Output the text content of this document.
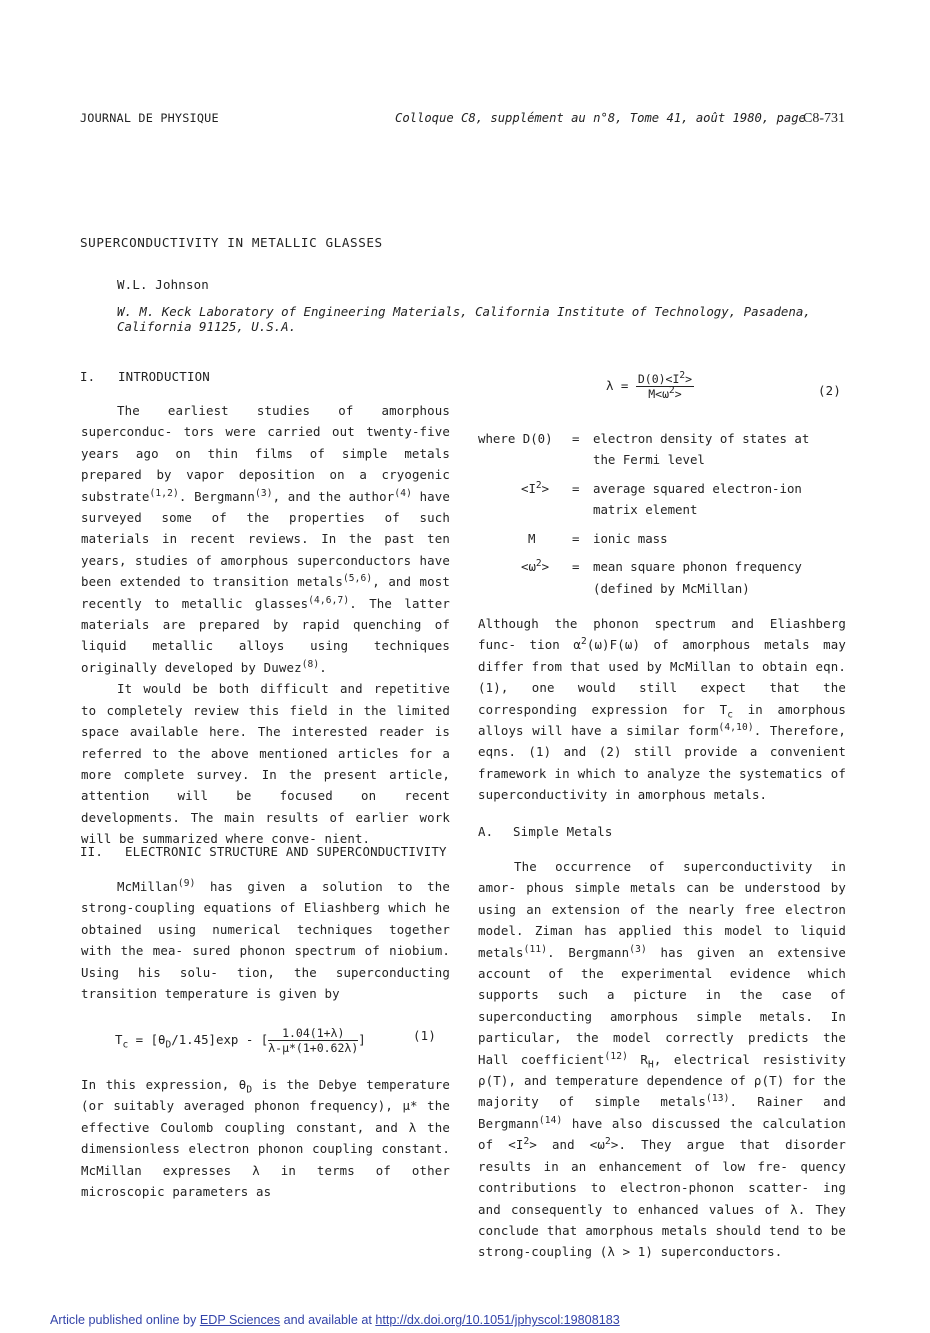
JOURNAL DE PHYSIQUE	Colloque C8, supplément au n°8, Tome 41, août 1980, page
C8-731
SUPERCONDUCTIVITY IN METALLIC GLASSES
W.L. Johnson
W. M. Keck Laboratory of Engineering Materials, California Institute of Technology, Pasadena,
California 91125, U.S.A.
I. INTRODUCTION

The earliest studies of amorphous superconduc- tors were carried out twenty-five years ago on thin films of simple metals prepared by vapor deposition on a cryogenic substrate$^{(1,2)}$. Bergmann$^{(3)}$, and the author$^{(4)}$ have surveyed some of the properties of such materials in recent reviews. In the past ten years, studies of amorphous superconductors have been extended to transition metals$^{(5,6)}$, and most recently to metallic glasses$^{(4,6,7)}$. The latter materials are prepared by rapid quenching of liquid metallic alloys using techniques originally developed by Duwez$^{(8)}$.

It would be both difficult and repetitive to completely review this field in the limited space available here. The interested reader is referred to the above mentioned articles for a more complete survey. In the present article, attention will be focused on recent developments. The main results of earlier work will be summarized where conve- nient.

II. ELECTRONIC STRUCTURE AND SUPERCONDUCTIVITY

McMillan$^{(9)}$ has given a solution to the strong-coupling equations of Eliashberg which he obtained using numerical techniques together with the mea- sured phonon spectrum of niobium. Using his solu- tion, the superconducting transition temperature is given by

$T_c = [\theta_D/1.45]\exp$ - [ $\frac{1.04(1+\lambda)}{\lambda-\mu*(1+0.62\lambda)}$ ]	(1)

In this expression, $\theta_D$ is the Debye temperature (or suitably averaged phonon frequency), μ* the effective Coulomb coupling constant, and λ the dimensionless electron phonon coupling constant. McMillan expresses λ in terms of other microscopic parameters as

$\lambda = \frac{D(0)<I^2>}{M<\omega^2>}$	(2)
where D(0) = electron density of states at
the Fermi level
$<I^2>$ = average squared electron-ion
matrix element
M	= ionic mass
$<\omega^2>$ = mean square phonon frequency
(defined by McMillan)

Although the phonon spectrum and Eliashberg func- tion $\alpha^2(\omega)F(\omega)$ of amorphous metals may differ from that used by McMillan to obtain eqn. (1), one would still expect that the corresponding expression for $T_c$ in amorphous alloys will have a similar form$^{(4,10)}$. Therefore, eqns. (1) and (2) still provide a convenient framework in which to analyze the systematics of superconductivity in amorphous metals.

A. Simple Metals

The occurrence of superconductivity in amor- phous simple metals can be understood by using an extension of the nearly free electron model. Ziman has applied this model to liquid metals$^{(11)}$. Bergmann$^{(3)}$ has given an extensive account of the experimental evidence which supports such a picture in the case of superconducting amorphous simple metals. In particular, the model correctly predicts the Hall coefficient$^{(12)}$ $R_H$, electrical resistivity ρ(T), and temperature dependence of ρ(T) for the majority of simple metals$^{(13)}$. Rainer and Bergmann$^{(14)}$ have also discussed the calculation of $<I^2>$ and $<\omega^2>$. They argue that disorder results in an enhancement of low fre- quency contributions to electron-phonon scatter- ing and consequently to enhanced values of λ. They conclude that amorphous metals should tend to be strong-coupling (λ > 1) superconductors.

Article published online by EDP Sciences and available at http://dx.doi.org/10.1051/jphyscol:19808183
